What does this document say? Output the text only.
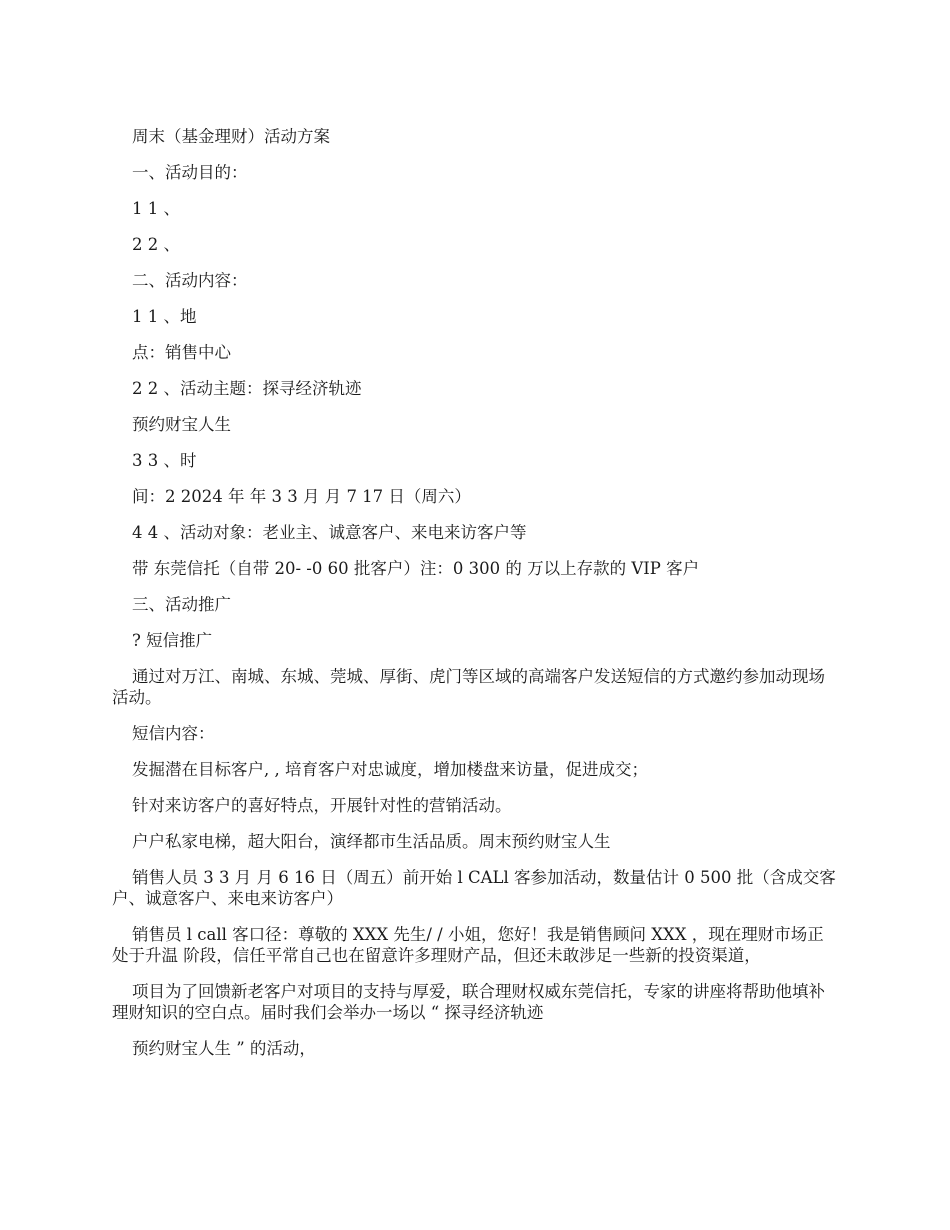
周末（基金理财）活动方案

一、活动目的：

1 1 、

2 2 、

二、活动内容：

1 1 、地

点：销售中心

2 2 、活动主题：探寻经济轨迹

预约财宝人生

3 3 、时

间：2 2024 年 年 3 3 月 月 7 17 日（周六）

4 4 、活动对象：老业主、诚意客户、来电来访客户等

带 东莞信托（自带 20- -0 60 批客户）注：0 300 的 万以上存款的 VIP 客户

三、活动推广

? 短信推广

通过对万江、南城、东城、莞城、厚街、虎门等区域的高端客户发送短信的方式邀约参加动现场活动。

短信内容：

发掘潜在目标客户, , 培育客户对忠诚度，增加楼盘来访量，促进成交；

针对来访客户的喜好特点，开展针对性的营销活动。

户户私家电梯，超大阳台，演绎都市生活品质。周末预约财宝人生

销售人员 3 3 月 月 6 16 日（周五）前开始 l CALl 客参加活动，数量估计 0 500 批（含成交客户、诚意客户、来电来访客户）

销售员 l call 客口径：尊敬的 XXX 先生/ / 小姐，您好！我是销售顾问 XXX ，现在理财市场正处于升温 阶段，信任平常自己也在留意许多理财产品，但还未敢涉足一些新的投资渠道，

项目为了回馈新老客户对项目的支持与厚爱，联合理财权威东莞信托，专家的讲座将帮助他填补理财知识的空白点。届时我们会举办一场以 “ 探寻经济轨迹

预约财宝人生 ” 的活动，
